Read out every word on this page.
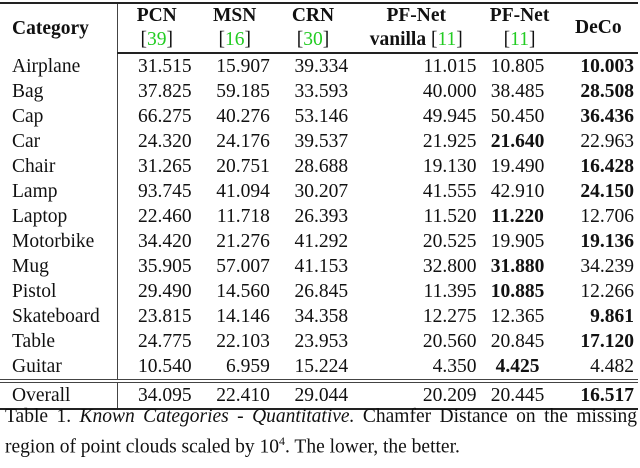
Category	PCN	MSN	CRN	PF-Net	PF-Net	DeCo
[39]	[16]	[30]	vanilla [11]	[11]
Airplane	31.515	15.907	39.334	11.015	10.805	10.003
Bag	37.825	59.185	33.593	40.000	38.485	28.508
Cap	66.275	40.276	53.146	49.945	50.450	36.436
Car	24.320	24.176	39.537	21.925	21.640	22.963
Chair	31.265	20.751	28.688	19.130	19.490	16.428
Lamp	93.745	41.094	30.207	41.555	42.910	24.150
Laptop	22.460	11.718	26.393	11.520	11.220	12.706
Motorbike	34.420	21.276	41.292	20.525	19.905	19.136
Mug	35.905	57.007	41.153	32.800	31.880	34.239
Pistol	29.490	14.560	26.845	11.395	10.885	12.266
Skateboard	23.815	14.146	34.358	12.275	12.365	9.861
Table	24.775	22.103	23.953	20.560	20.845	17.120
Guitar	10.540	6.959	15.224	4.350	4.425	4.482
Overall	34.095	22.410	29.044	20.209	20.445	16.517
Table 1. Known Categories - Quantitative. Chamfer Distance on the missing region of point clouds scaled by $10^4$. The lower, the better.
